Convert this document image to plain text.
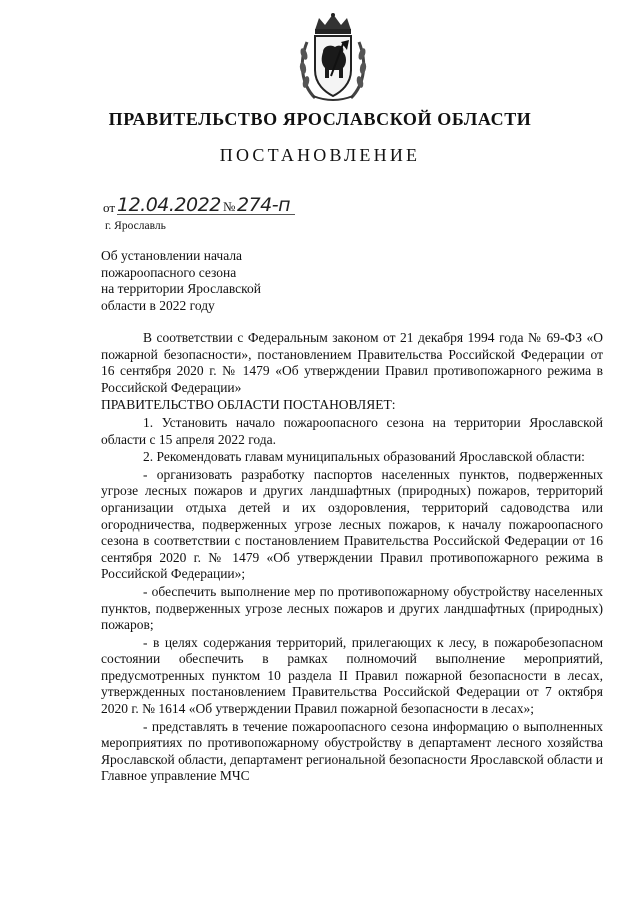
ПРАВИТЕЛЬСТВО ЯРОСЛАВСКОЙ ОБЛАСТИ
ПОСТАНОВЛЕНИЕ
от 12.04.2022 № 274-п
г. Ярославль
Об установлении начала
пожароопасного сезона
на территории Ярославской
области в 2022 году

В соответствии с Федеральным законом от 21 декабря 1994 года № 69-ФЗ «О пожарной безопасности», постановлением Правительства Российской Федерации от 16 сентября 2020 г. № 1479 «Об утверждении Правил противопожарного режима в Российской Федерации»

ПРАВИТЕЛЬСТВО ОБЛАСТИ ПОСТАНОВЛЯЕТ:

1. Установить начало пожароопасного сезона на территории Ярославской области с 15 апреля 2022 года.

2. Рекомендовать главам муниципальных образований Ярославской области:

- организовать разработку паспортов населенных пунктов, подверженных угрозе лесных пожаров и других ландшафтных (природных) пожаров, территорий организации отдыха детей и их оздоровления, территорий садоводства или огородничества, подверженных угрозе лесных пожаров, к началу пожароопасного сезона в соответствии с постановлением Правительства Российской Федерации от 16 сентября 2020 г. № 1479 «Об утверждении Правил противопожарного режима в Российской Федерации»;

- обеспечить выполнение мер по противопожарному обустройству населенных пунктов, подверженных угрозе лесных пожаров и других ландшафтных (природных) пожаров;

- в целях содержания территорий, прилегающих к лесу, в пожаробезопасном состоянии обеспечить в рамках полномочий выполнение мероприятий, предусмотренных пунктом 10 раздела II Правил пожарной безопасности в лесах, утвержденных постановлением Правительства Российской Федерации от 7 октября 2020 г. № 1614 «Об утверждении Правил пожарной безопасности в лесах»;

- представлять в течение пожароопасного сезона информацию о выполненных мероприятиях по противопожарному обустройству в департамент лесного хозяйства Ярославской области, департамент региональной безопасности Ярославской области и Главное управление МЧС
